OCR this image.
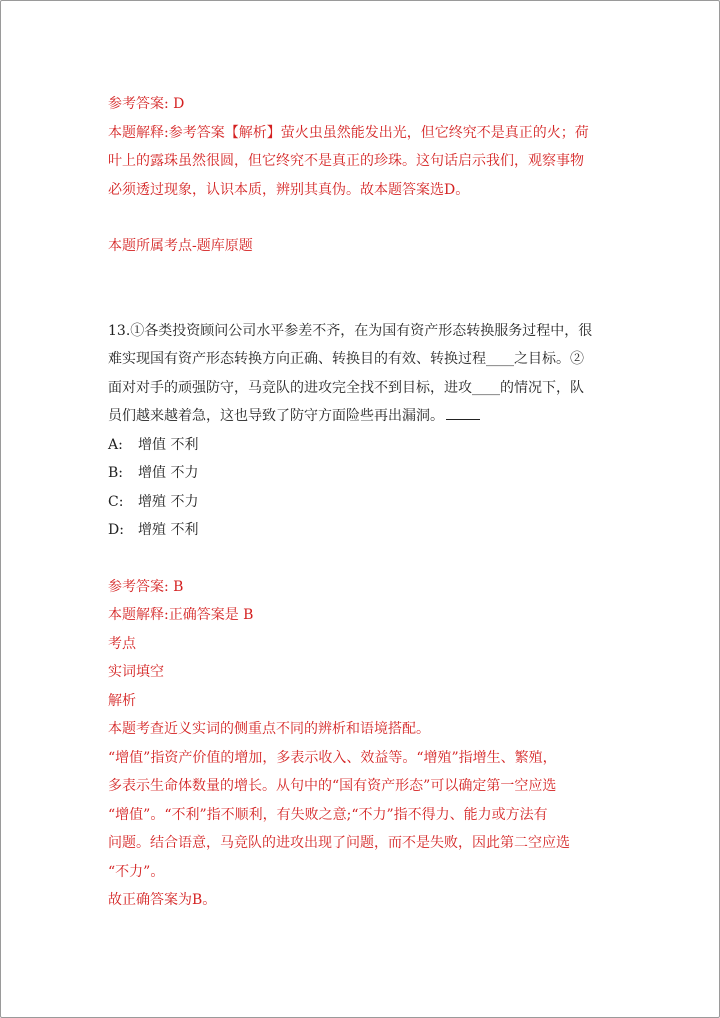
参考答案: D
本题解释:参考答案【解析】萤火虫虽然能发出光，但它终究不是真正的火；荷
叶上的露珠虽然很圆，但它终究不是真正的珍珠。这句话启示我们，观察事物
必须透过现象，认识本质，辨别其真伪。故本题答案选D。
本题所属考点-题库原题
13.①各类投资顾问公司水平参差不齐，在为国有资产形态转换服务过程中，很
难实现国有资产形态转换方向正确、转换目的有效、转换过程____之目标。②
面对对手的顽强防守，马竞队的进攻完全找不到目标，进攻____的情况下，队
员们越来越着急，这也导致了防守方面险些再出漏洞。
A:	增值 不利
B:	增值 不力
C:	增殖 不力
D:	增殖 不利
参考答案: B
本题解释:正确答案是 B
考点
实词填空
解析
本题考查近义实词的侧重点不同的辨析和语境搭配。
“增值”指资产价值的增加，多表示收入、效益等。“增殖”指增生、繁殖，
多表示生命体数量的增长。从句中的“国有资产形态”可以确定第一空应选
“增值”。“不利”指不顺利，有失败之意;“不力”指不得力、能力或方法有
问题。结合语意，马竞队的进攻出现了问题，而不是失败，因此第二空应选
“不力”。
故正确答案为B。
